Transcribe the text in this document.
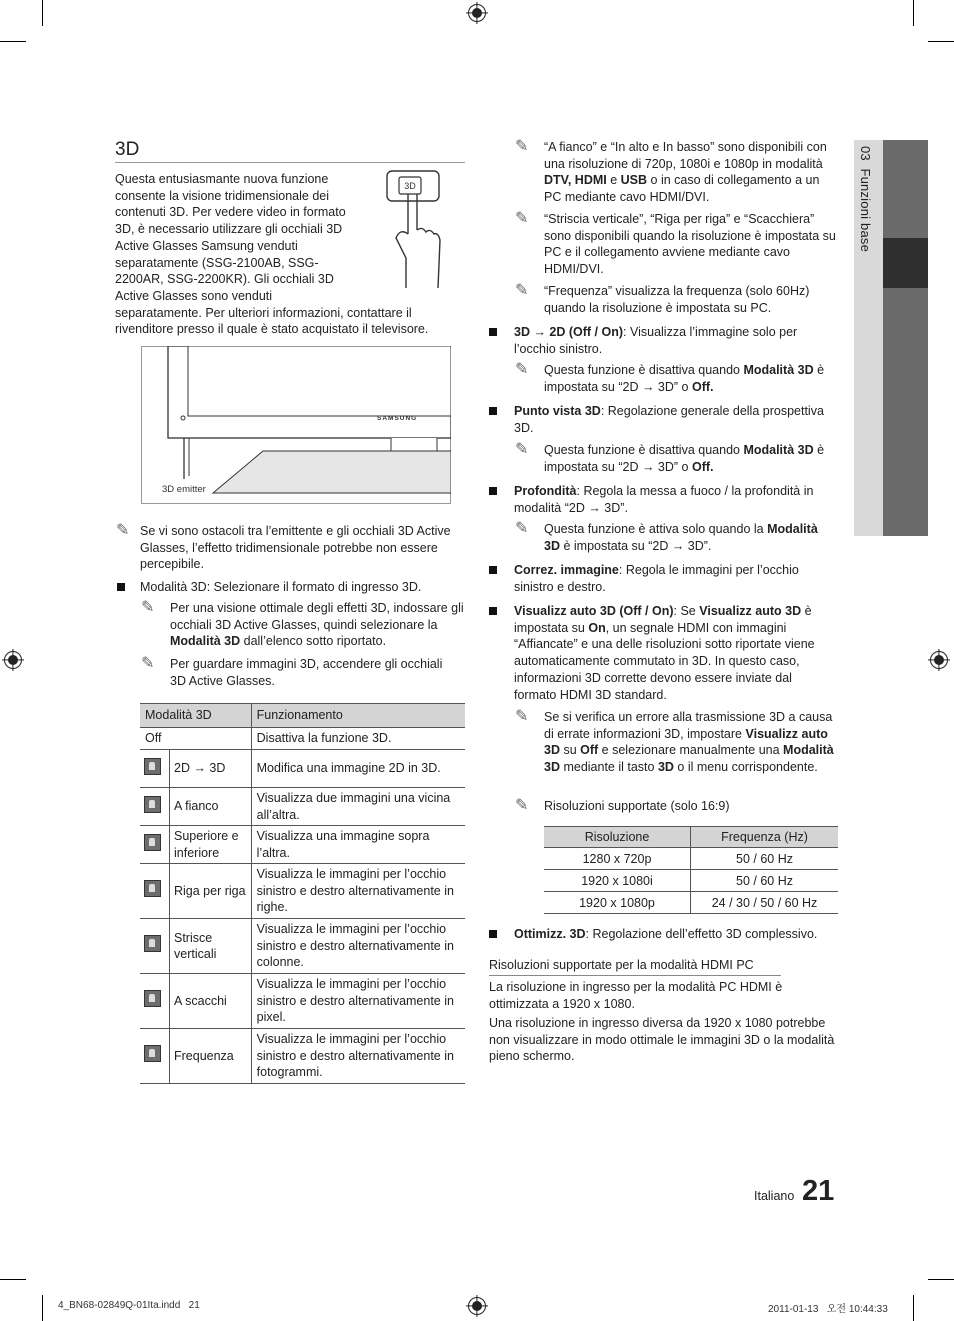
03  Funzioni base
3D
3D
Questa entusiasmante nuova funzione consente la visione tridimensionale dei contenuti 3D. Per vedere video in formato 3D, è necessario utilizzare gli occhiali 3D Active Glasses Samsung venduti separatamente (SSG-2100AB, SSG-2200AR, SSG-2200KR). Gli occhiali 3D Active Glasses sono venduti separatamente. Per ulteriori informazioni, contattare il rivenditore presso il quale è stato acquistato il televisore.
SAMSUNG
3D emitter
✎ Se vi sono ostacoli tra l’emittente e gli occhiali 3D Active Glasses, l’effetto tridimensionale potrebbe non essere percepibile.
Modalità 3D: Selezionare il formato di ingresso 3D.
✎ Per una visione ottimale degli effetti 3D, indossare gli occhiali 3D Active Glasses, quindi selezionare la Modalità 3D dall’elenco sotto riportato.
✎ Per guardare immagini 3D, accendere gli occhiali 3D Active Glasses.
Modalità 3D		Funzionamento
Off		Disattiva la funzione 3D.
	2D → 3D	Modifica una immagine 2D in 3D.
	A fianco	Visualizza due immagini una vicina all’altra.
	Superiore e inferiore	Visualizza una immagine sopra l’altra.
	Riga per riga	Visualizza le immagini per l’occhio sinistro e destro alternativamente in righe.
	Strisce verticali	Visualizza le immagini per l’occhio sinistro e destro alternativamente in colonne.
	A scacchi	Visualizza le immagini per l’occhio sinistro e destro alternativamente in pixel.
	Frequenza	Visualizza le immagini per l’occhio sinistro e destro alternativamente in fotogrammi.
✎ “A fianco” e “In alto e In basso” sono disponibili con una risoluzione di 720p, 1080i e 1080p in modalità DTV, HDMI e USB o in caso di collegamento a un PC mediante cavo HDMI/DVI.
✎ “Striscia verticale”, “Riga per riga” e “Scacchiera” sono disponibili quando la risoluzione è impostata su PC e il collegamento avviene mediante cavo HDMI/DVI.
✎ “Frequenza” visualizza la frequenza (solo 60Hz) quando la risoluzione è impostata su PC.
3D → 2D (Off / On): Visualizza l’immagine solo per l’occhio sinistro.
✎ Questa funzione è disattiva quando Modalità 3D è impostata su “2D → 3D” o Off.
Punto vista 3D: Regolazione generale della prospettiva 3D.
✎ Questa funzione è disattiva quando Modalità 3D è impostata su “2D → 3D” o Off.
Profondità: Regola la messa a fuoco / la profondità in modalità “2D → 3D”.
✎ Questa funzione è attiva solo quando la Modalità 3D è impostata su “2D → 3D”.
Correz. immagine: Regola le immagini per l’occhio sinistro e destro.
Visualizz auto 3D (Off / On): Se Visualizz auto 3D è impostata su On, un segnale HDMI con immagini “Affiancate” e una delle risoluzioni sotto riportate viene automaticamente commutato in 3D. In questo caso, informazioni 3D corrette devono essere inviate dal formato HDMI 3D standard.
✎ Se si verifica un errore alla trasmissione 3D a causa di errate informazioni 3D, impostare Visualizz auto 3D su Off e selezionare manualmente una Modalità 3D mediante il tasto 3D o il menu corrispondente.
✎ Risoluzioni supportate (solo 16:9)
Risoluzione	Frequenza (Hz)
1280 x 720p	50 / 60 Hz
1920 x 1080i	50 / 60 Hz
1920 x 1080p	24 / 30 / 50 / 60 Hz
Ottimizz. 3D: Regolazione dell’effetto 3D complessivo.
Risoluzioni supportate per la modalità HDMI PC
La risoluzione in ingresso per la modalità PC HDMI è ottimizzata a 1920 x 1080.
Una risoluzione in ingresso diversa da 1920 x 1080 potrebbe non visualizzare in modo ottimale le immagini 3D o la modalità pieno schermo.
Italiano 21
4_BN68-02849Q-01Ita.indd   21	2011-01-13   오전 10:44:33
